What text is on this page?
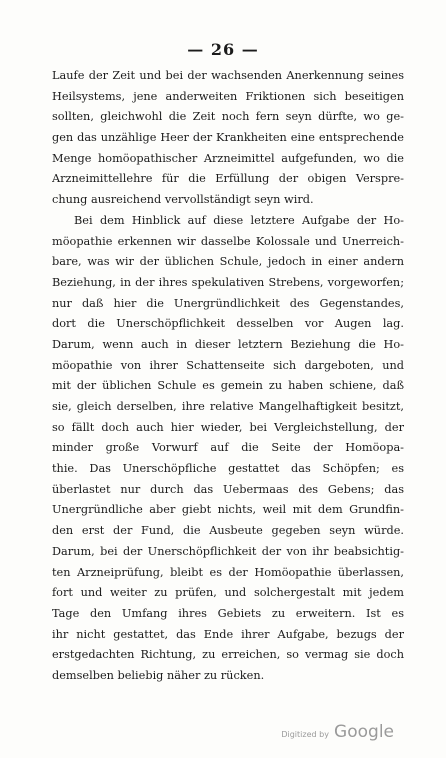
— 26 —
Laufe der Zeit und bei der wachsenden Anerkennung seines
Heilsystems, jene anderweiten Friktionen sich beseitigen
sollten, gleichwohl die Zeit noch fern seyn dürfte, wo ge-
gen das unzählige Heer der Krankheiten eine entsprechende
Menge homöopathischer Arzneimittel aufgefunden, wo die
Arzneimittellehre für die Erfüllung der obigen Verspre-
chung ausreichend vervollständigt seyn wird.
Bei dem Hinblick auf diese letztere Aufgabe der Ho-
möopathie erkennen wir dasselbe Kolossale und Unerreich-
bare, was wir der üblichen Schule, jedoch in einer andern
Beziehung, in der ihres spekulativen Strebens, vorgeworfen;
nur daß hier die Unergründlichkeit des Gegenstandes,
dort die Unerschöpflichkeit desselben vor Augen lag.
Darum, wenn auch in dieser letztern Beziehung die Ho-
möopathie von ihrer Schattenseite sich dargeboten, und
mit der üblichen Schule es gemein zu haben schiene, daß
sie, gleich derselben, ihre relative Mangelhaftigkeit besitzt,
so fällt doch auch hier wieder, bei Vergleichstellung, der
minder große Vorwurf auf die Seite der Homöopa-
thie. Das Unerschöpfliche gestattet das Schöpfen; es
überlastet nur durch das Uebermaas des Gebens; das
Unergründliche aber giebt nichts, weil mit dem Grundfin-
den erst der Fund, die Ausbeute gegeben seyn würde.
Darum, bei der Unerschöpflichkeit der von ihr beabsichtig-
ten Arzneiprüfung, bleibt es der Homöopathie überlassen,
fort und weiter zu prüfen, und solchergestalt mit jedem
Tage den Umfang ihres Gebiets zu erweitern. Ist es
ihr nicht gestattet, das Ende ihrer Aufgabe, bezugs der
erstgedachten Richtung, zu erreichen, so vermag sie doch
demselben beliebig näher zu rücken.
Digitized by Google
